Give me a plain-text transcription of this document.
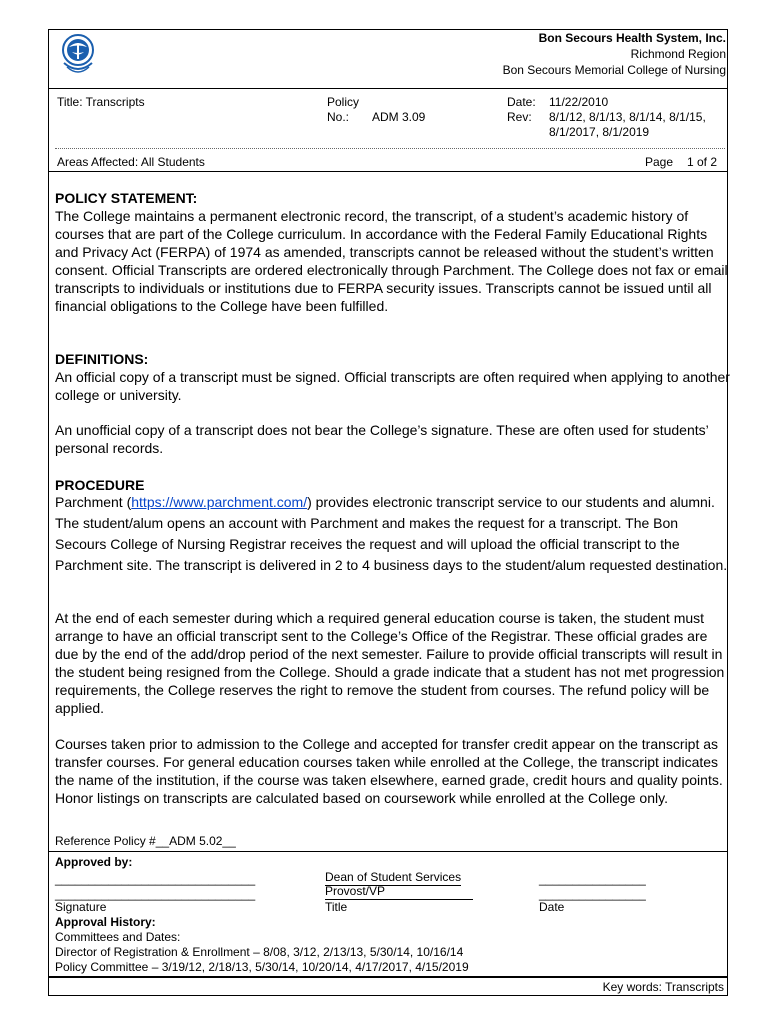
Bon Secours Health System, Inc.
Richmond Region
Bon Secours Memorial College of Nursing
Title: Transcripts	Policy
No.: ADM 3.09
Date: 11/22/2010
Rev: 8/1/12, 8/1/13, 8/1/14, 8/1/15,
8/1/2017, 8/1/2019
Areas Affected: All Students	Page 1 of 2
POLICY STATEMENT:
The College maintains a permanent electronic record, the transcript, of a student’s academic history of courses that are part of the College curriculum. In accordance with the Federal Family Educational Rights and Privacy Act (FERPA) of 1974 as amended, transcripts cannot be released without the student’s written consent. Official Transcripts are ordered electronically through Parchment. The College does not fax or email transcripts to individuals or institutions due to FERPA security issues. Transcripts cannot be issued until all financial obligations to the College have been fulfilled.
DEFINITIONS:
An official copy of a transcript must be signed. Official transcripts are often required when applying to another college or university.
An unofficial copy of a transcript does not bear the College’s signature. These are often used for students’ personal records.
PROCEDURE
Parchment (https://www.parchment.com/) provides electronic transcript service to our students and alumni. The student/alum opens an account with Parchment and makes the request for a transcript. The Bon Secours College of Nursing Registrar receives the request and will upload the official transcript to the Parchment site. The transcript is delivered in 2 to 4 business days to the student/alum requested destination.
At the end of each semester during which a required general education course is taken, the student must arrange to have an official transcript sent to the College’s Office of the Registrar. These official grades are due by the end of the add/drop period of the next semester. Failure to provide official transcripts will result in the student being resigned from the College. Should a grade indicate that a student has not met progression requirements, the College reserves the right to remove the student from courses. The refund policy will be applied.
Courses taken prior to admission to the College and accepted for transfer credit appear on the transcript as transfer courses. For general education courses taken while enrolled at the College, the transcript indicates the name of the institution, if the course was taken elsewhere, earned grade, credit hours and quality points. Honor listings on transcripts are calculated based on coursework while enrolled at the College only.
Reference Policy #__ADM 5.02__
Approved by:
______________________________
______________________________
Dean of Student Services
Provost/VP
________________
________________
Signature	Title	Date
Approval History:
Committees and Dates:
Director of Registration & Enrollment – 8/08, 3/12, 2/13/13, 5/30/14, 10/16/14
Policy Committee – 3/19/12, 2/18/13, 5/30/14, 10/20/14, 4/17/2017, 4/15/2019
Key words: Transcripts
